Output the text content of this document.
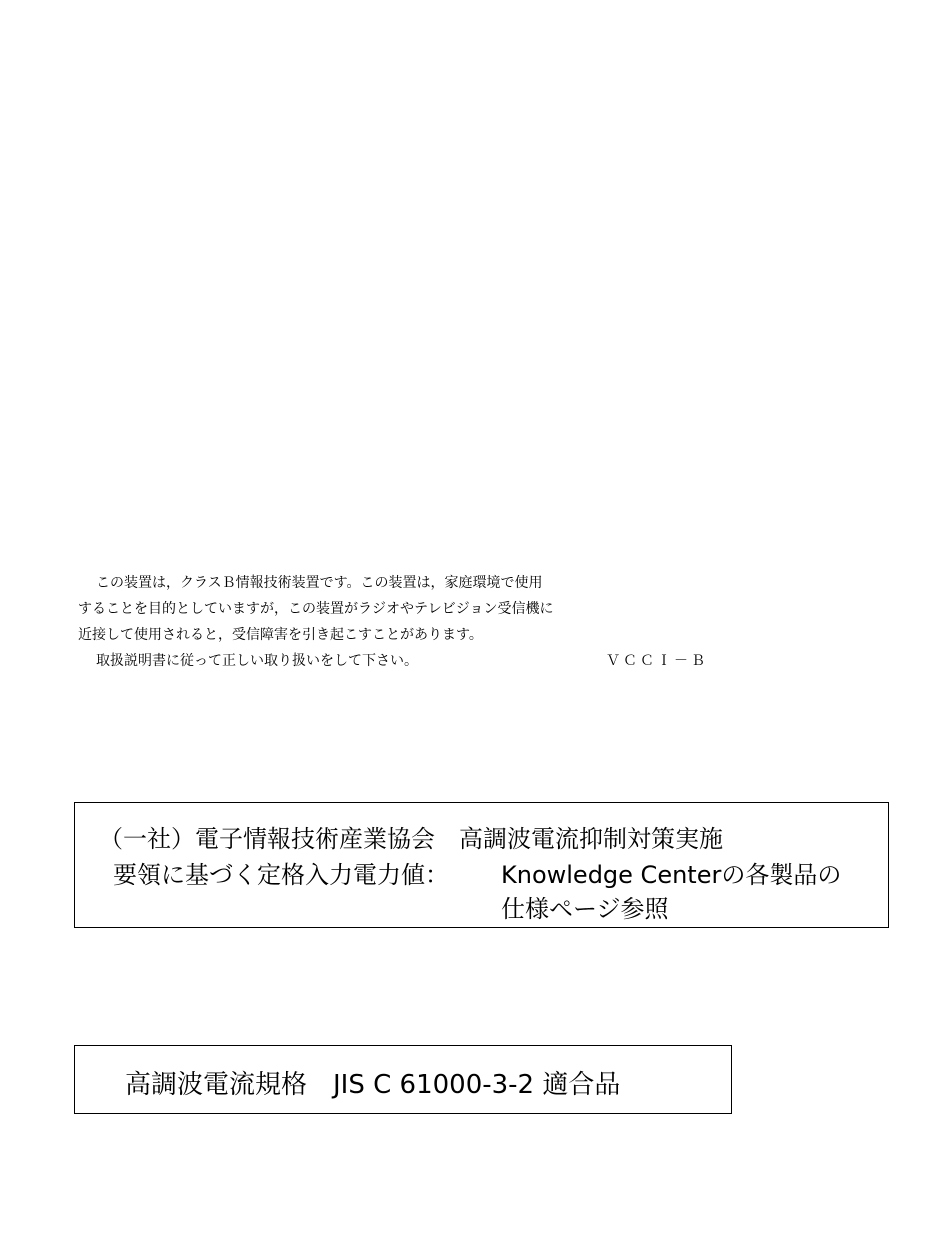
この装置は，クラスＢ情報技術装置です。この装置は，家庭環境で使用
することを目的としていますが，この装置がラジオやテレビジョン受信機に
近接して使用されると，受信障害を引き起こすことがあります。
取扱説明書に従って正しい取り扱いをして下さい。	ＶＣＣＩ－Ｂ
（一社）電子情報技術産業協会　高調波電流抑制対策実施
要領に基づく定格入力電力値： Knowledge Centerの各製品の
仕様ページ参照
高調波電流規格　JIS C 61000-3-2 適合品
